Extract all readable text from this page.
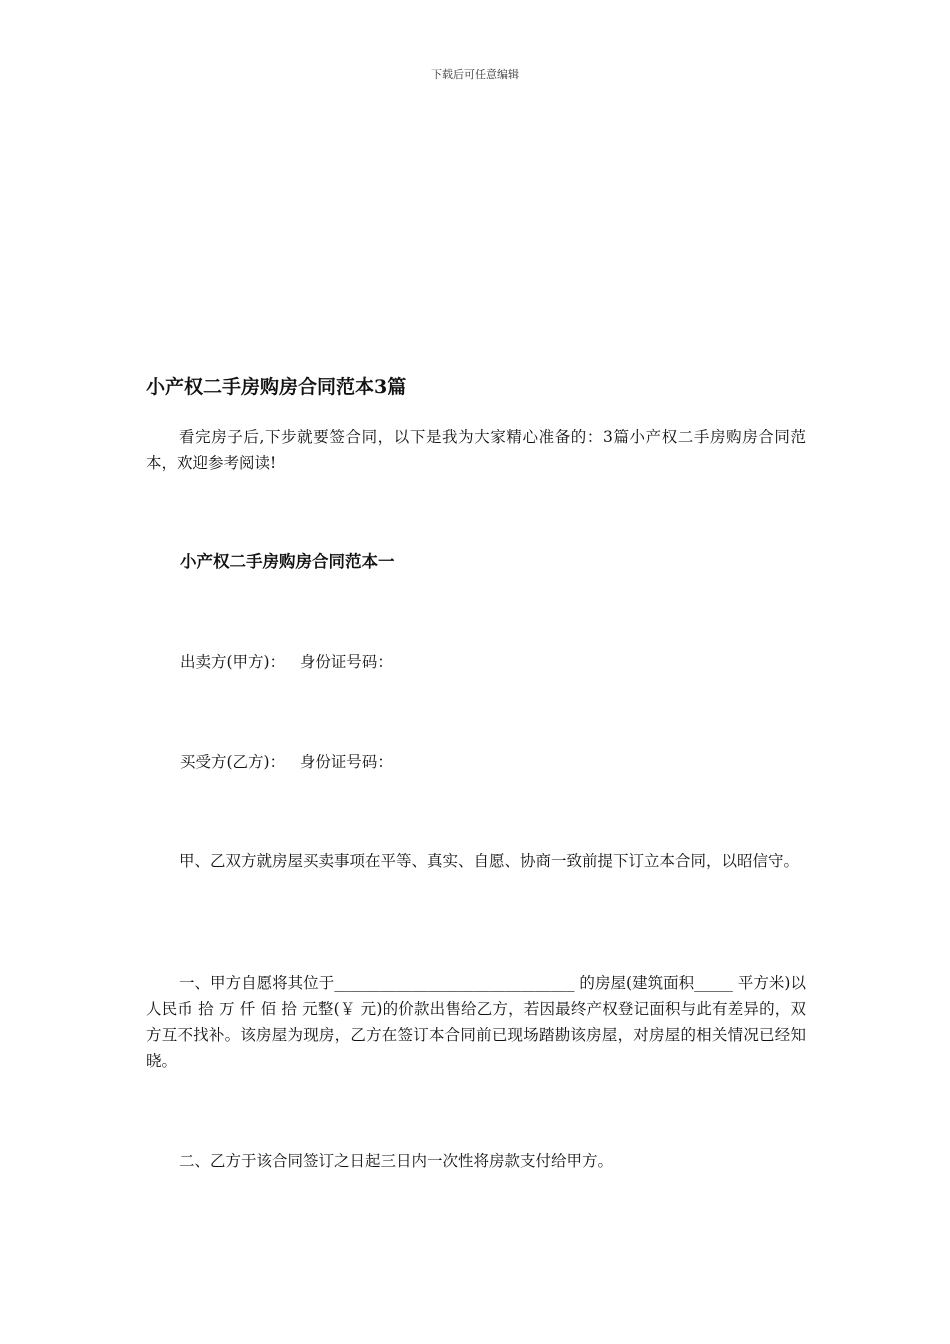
下载后可任意编辑
小产权二手房购房合同范本3篇

看完房子后,下步就要签合同，以下是我为大家精心准备的：3篇小产权二手房购房合同范本，欢迎参考阅读!

小产权二手房购房合同范本一

出卖方(甲方)：   身份证号码：

买受方(乙方)：   身份证号码：

甲、乙双方就房屋买卖事项在平等、真实、自愿、协商一致前提下订立本合同，以昭信守。

一、甲方自愿将其位于_______________________________ 的房屋(建筑面积_____ 平方米)以人民币 拾 万 仟 佰 拾 元整(￥ 元)的价款出售给乙方，若因最终产权登记面积与此有差异的，双方互不找补。该房屋为现房，乙方在签订本合同前已现场踏勘该房屋，对房屋的相关情况已经知晓。

二、乙方于该合同签订之日起三日内一次性将房款支付给甲方。
